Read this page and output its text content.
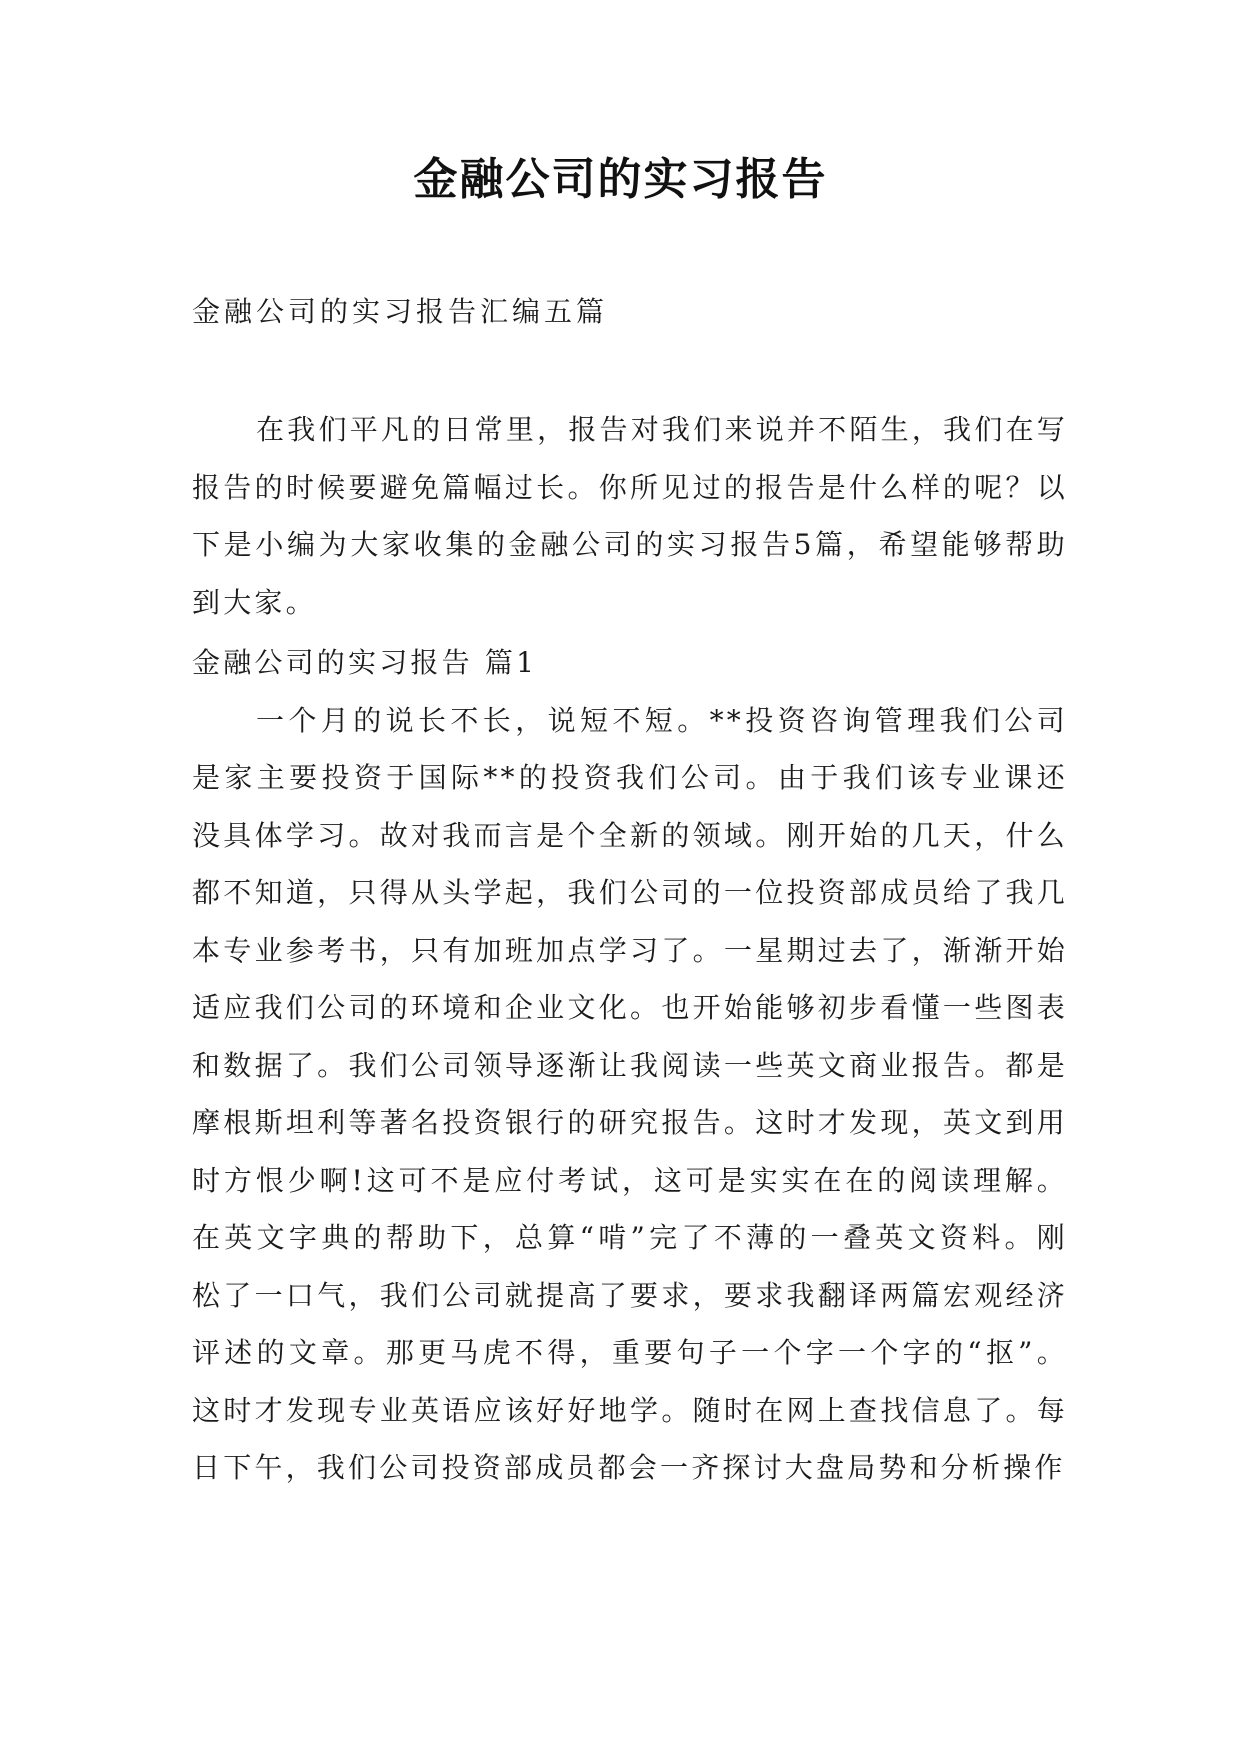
金融公司的实习报告
金融公司的实习报告汇编五篇

在我们平凡的日常里，报告对我们来说并不陌生，我们在写报告的时候要避免篇幅过长。你所见过的报告是什么样的呢？以下是小编为大家收集的金融公司的实习报告5篇，希望能够帮助到大家。

金融公司的实习报告 篇1

一个月的说长不长，说短不短。**投资咨询管理我们公司是家主要投资于国际**的投资我们公司。由于我们该专业课还没具体学习。故对我而言是个全新的领域。刚开始的几天，什么都不知道，只得从头学起，我们公司的一位投资部成员给了我几本专业参考书，只有加班加点学习了。一星期过去了，渐渐开始适应我们公司的环境和企业文化。也开始能够初步看懂一些图表和数据了。我们公司领导逐渐让我阅读一些英文商业报告。都是摩根斯坦利等著名投资银行的研究报告。这时才发现，英文到用时方恨少啊!这可不是应付考试，这可是实实在在的阅读理解。在英文字典的帮助下，总算“啃”完了不薄的一叠英文资料。刚松了一口气，我们公司就提高了要求，要求我翻译两篇宏观经济评述的文章。那更马虎不得，重要句子一个字一个字的“抠”。这时才发现专业英语应该好好地学。随时在网上查找信息了。每日下午，我们公司投资部成员都会一齐探讨大盘局势和分析操作
